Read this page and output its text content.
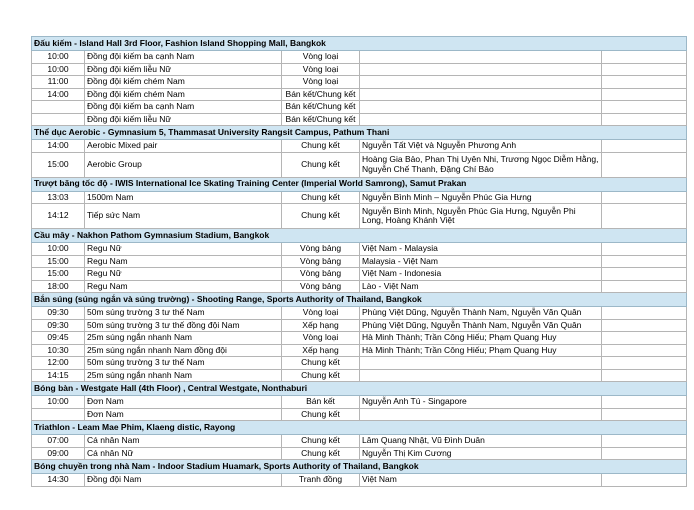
Đấu kiếm - Island Hall 3rd Floor, Fashion Island Shopping Mall, Bangkok				
10:00	Đồng đội kiếm ba cạnh Nam	Vòng loại		
10:00	Đồng đội kiếm liễu Nữ	Vòng loại		
11:00	Đồng đội kiếm chém Nam	Vòng loại		
14:00	Đồng đội kiếm chém Nam	Bán kết/Chung kết		
	Đồng đội kiếm ba cạnh Nam	Bán kết/Chung kết		
	Đồng đội kiếm liễu Nữ	Bán kết/Chung kết		
Thể dục Aerobic - Gymnasium 5, Thammasat University Rangsit Campus, Pathum Thani				
14:00	Aerobic Mixed pair	Chung kết	Nguyễn Tất Việt và Nguyễn Phương Anh	
15:00	Aerobic Group	Chung kết	Hoàng Gia Bảo, Phan Thị Uyên Nhi, Trương Ngọc Diễm Hằng, Nguyễn Chế Thanh, Đặng Chí Bảo	
Trượt băng tốc độ - IWIS International Ice Skating Training Center (Imperial World Samrong), Samut Prakan				
13:03	1500m Nam	Chung kết	Nguyễn Bình Minh – Nguyễn Phúc Gia Hưng	
14:12	Tiếp sức Nam	Chung kết	Nguyễn Bình Minh, Nguyễn Phúc Gia Hưng, Nguyễn Phi Long, Hoàng Khánh Việt	
Cầu mây - Nakhon Pathom Gymnasium Stadium, Bangkok				
10:00	Regu Nữ	Vòng bảng	Việt Nam - Malaysia	
15:00	Regu Nam	Vòng bảng	Malaysia - Việt Nam	
15:00	Regu Nữ	Vòng bảng	Việt Nam - Indonesia	
18:00	Regu Nam	Vòng bảng	Lào - Việt Nam	
Bắn súng (súng ngắn và súng trường) - Shooting Range, Sports Authority of Thailand, Bangkok				
09:30	50m súng trường 3 tư thế Nam	Vòng loại	Phùng Việt Dũng, Nguyễn Thành Nam, Nguyễn Văn Quân	
09:30	50m súng trường 3 tư thế đồng đội Nam	Xếp hạng	Phùng Việt Dũng, Nguyễn Thành Nam, Nguyễn Văn Quân	
09:45	25m súng ngắn nhanh Nam	Vòng loại	Hà Minh Thành; Trần Công Hiếu; Phạm Quang Huy	
10:30	25m súng ngắn nhanh Nam đồng đội	Xếp hạng	Hà Minh Thành; Trần Công Hiếu; Phạm Quang Huy	
12:00	50m súng trường 3 tư thế Nam	Chung kết		
14:15	25m súng ngắn nhanh Nam	Chung kết		
Bóng bàn - Westgate Hall (4th Floor) , Central Westgate, Nonthaburi				
10:00	Đơn Nam	Bán kết	Nguyễn Anh Tú - Singapore	
	Đơn Nam	Chung kết		
Triathlon - Leam Mae Phim, Klaeng distic, Rayong				
07:00	Cá nhân Nam	Chung kết	Lâm Quang Nhật, Vũ Đình Duân	
09:00	Cá nhân Nữ	Chung kết	Nguyễn Thị Kim Cương	
Bóng chuyền trong nhà Nam - Indoor Stadium Huamark, Sports Authority of Thailand, Bangkok				
14:30	Đồng đội Nam	Tranh đồng	Việt Nam	
